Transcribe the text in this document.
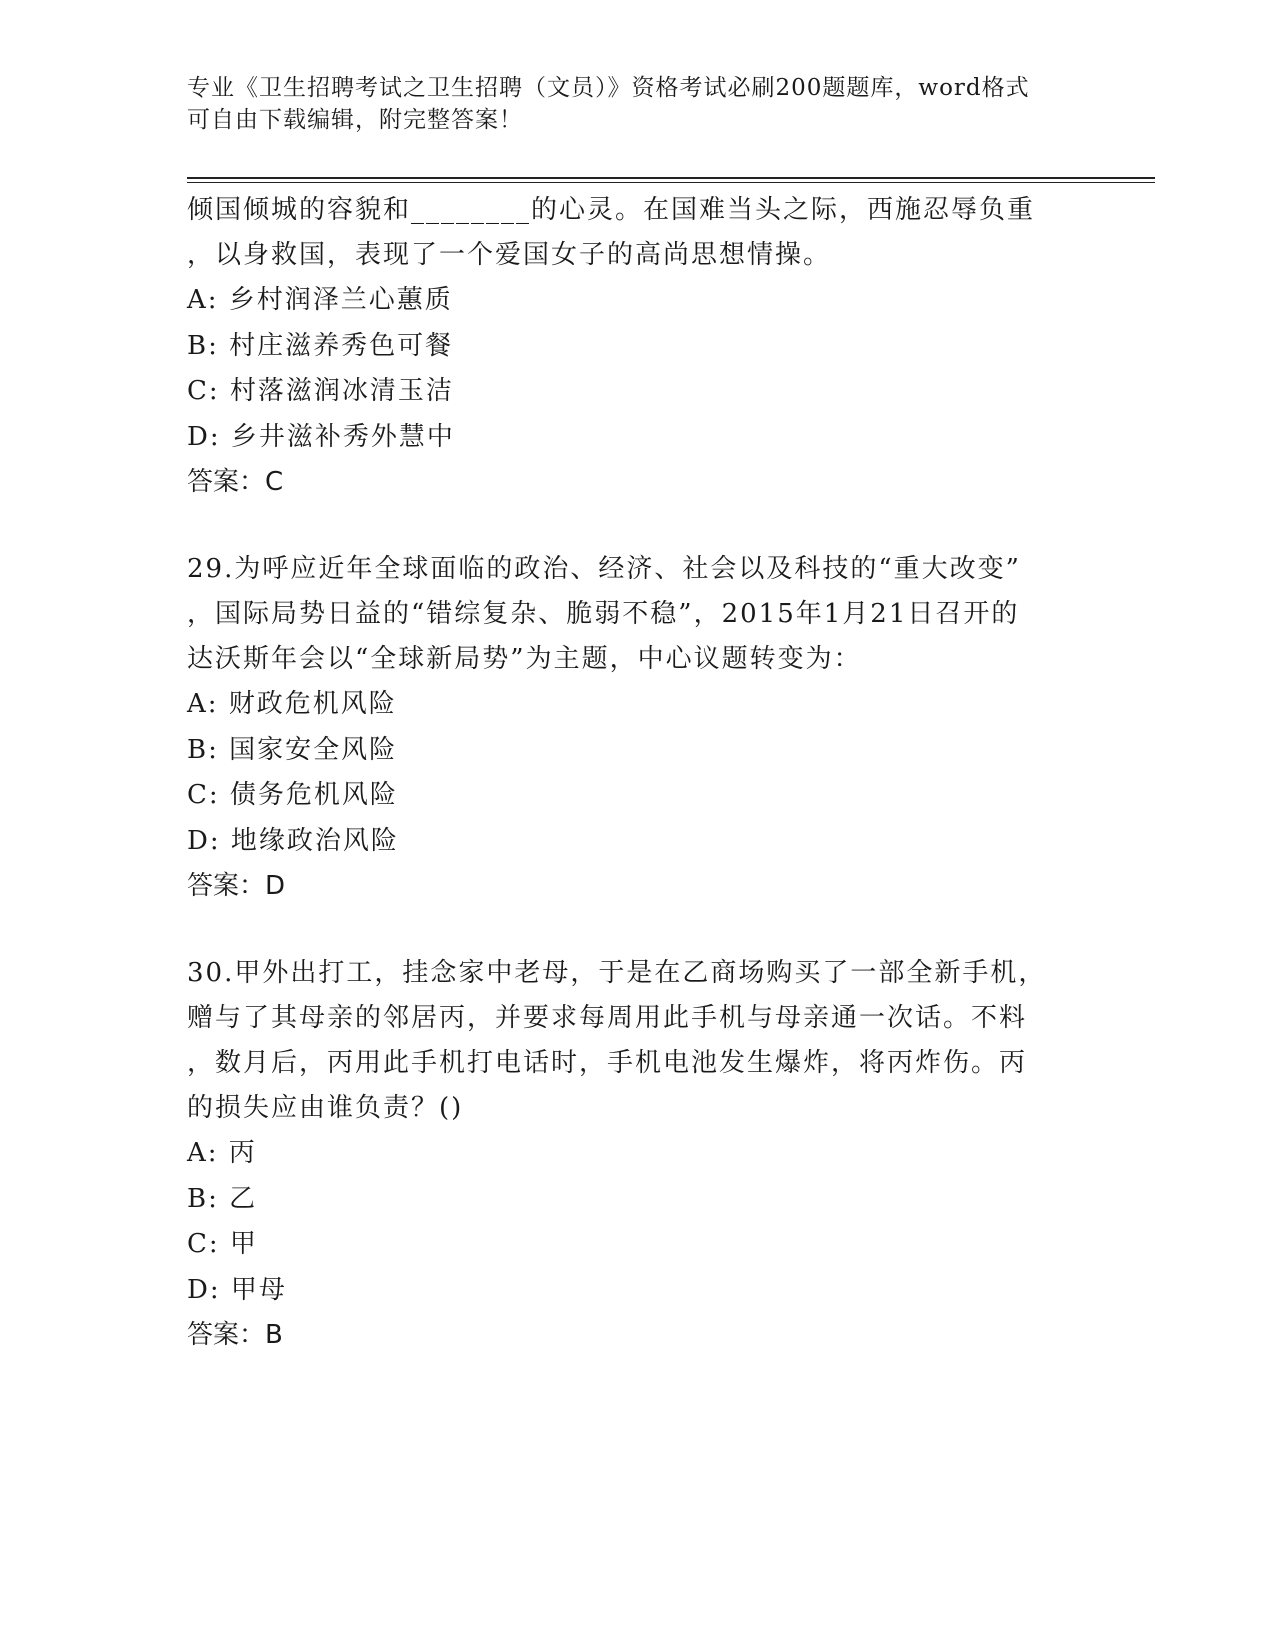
专业《卫生招聘考试之卫生招聘（文员）》资格考试必刷200题题库，word格式
可自由下载编辑，附完整答案！

倾国倾城的容貌和________的心灵。在国难当头之际，西施忍辱负重

，以身救国，表现了一个爱国女子的高尚思想情操。

A: 乡村润泽兰心蕙质

B: 村庄滋养秀色可餐

C: 村落滋润冰清玉洁

D: 乡井滋补秀外慧中

答案：C

29.为呼应近年全球面临的政治、经济、社会以及科技的“重大改变”

，国际局势日益的“错综复杂、脆弱不稳”，2015年1月21日召开的

达沃斯年会以“全球新局势”为主题，中心议题转变为：

A: 财政危机风险

B: 国家安全风险

C: 债务危机风险

D: 地缘政治风险

答案：D

30.甲外出打工，挂念家中老母，于是在乙商场购买了一部全新手机，

赠与了其母亲的邻居丙，并要求每周用此手机与母亲通一次话。不料

，数月后，丙用此手机打电话时，手机电池发生爆炸，将丙炸伤。丙

的损失应由谁负责？()

A: 丙

B: 乙

C: 甲

D: 甲母

答案：B
